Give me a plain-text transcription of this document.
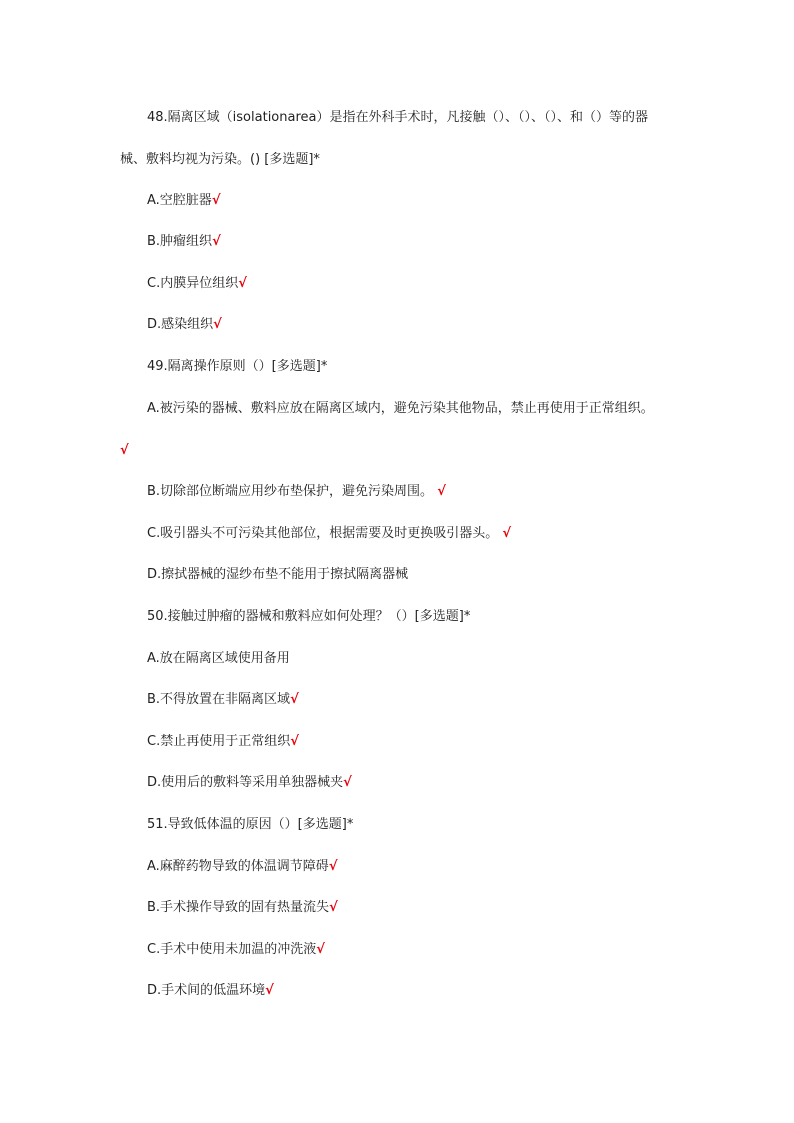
48.隔离区域（isolationarea）是指在外科手术时，凡接触（）、（）、（）、和（）等的器
械、敷料均视为污染。() [多选题]*
A.空腔脏器√
B.肿瘤组织√
C.内膜异位组织√
D.感染组织√
49.隔离操作原则（）[多选题]*
A.被污染的器械、敷料应放在隔离区域内，避免污染其他物品，禁止再使用于正常组织。
√
B.切除部位断端应用纱布垫保护，避免污染周围。 √
C.吸引器头不可污染其他部位，根据需要及时更换吸引器头。 √
D.擦拭器械的湿纱布垫不能用于擦拭隔离器械
50.接触过肿瘤的器械和敷料应如何处理？（）[多选题]*
A.放在隔离区域使用备用
B.不得放置在非隔离区域√
C.禁止再使用于正常组织√
D.使用后的敷料等采用单独器械夹√
51.导致低体温的原因（）[多选题]*
A.麻醉药物导致的体温调节障碍√
B.手术操作导致的固有热量流失√
C.手术中使用未加温的冲洗液√
D.手术间的低温环境√
